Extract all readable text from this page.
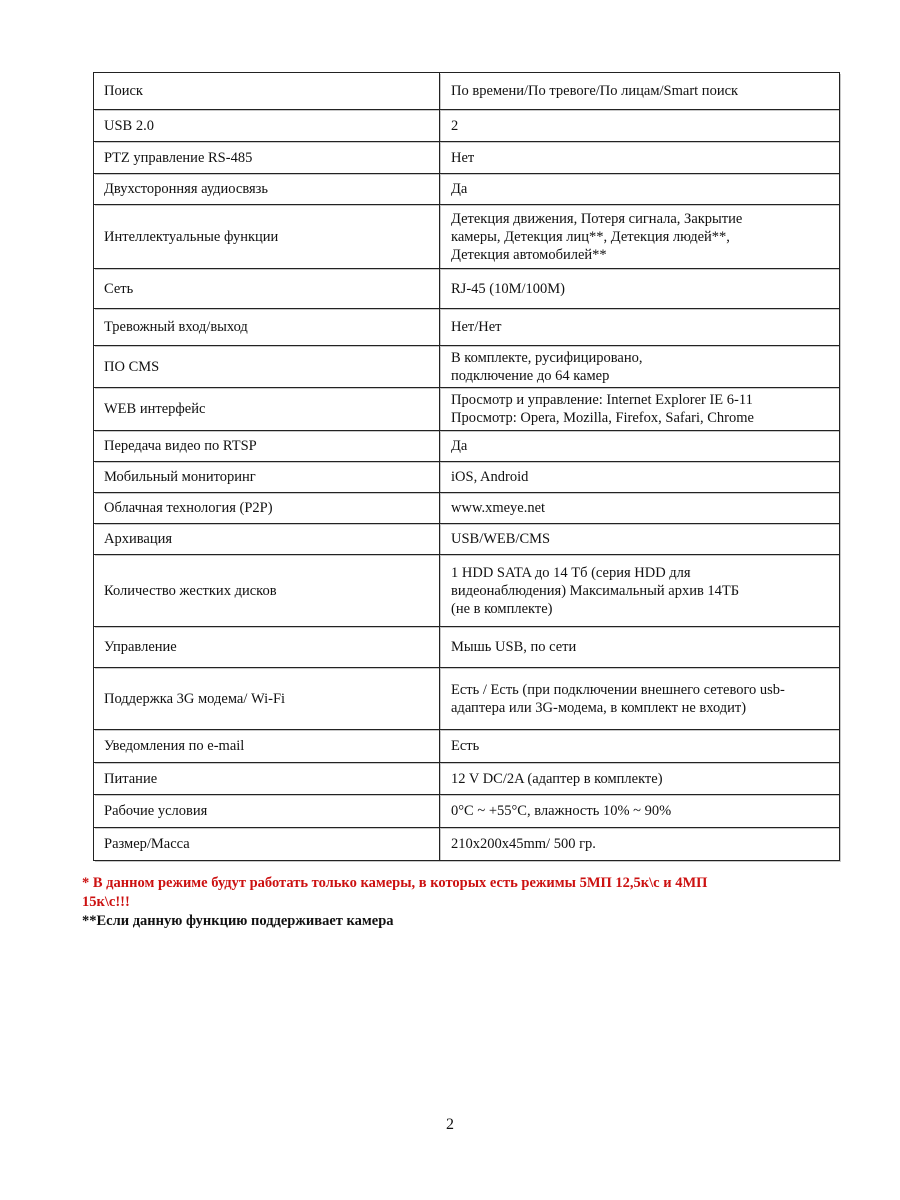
Поиск	По времени/По тревоге/По лицам/Smart поиск

USB 2.0	2

PTZ управление RS-485	Нет

Двухсторонняя аудиосвязь	Да

Интеллектуальные функции	Детекция движения, Потеря сигнала, Закрытие
камеры, Детекция лиц**, Детекция людей**,
Детекция автомобилей**

Сеть	RJ-45 (10M/100M)

Тревожный вход/выход	Нет/Нет

ПО CMS	В комплекте, русифицировано,
подключение до 64 камер

WEB интерфейс	Просмотр и управление: Internet Explorer IE 6-11
Просмотр: Opera, Mozilla, Firefox, Safari, Chrome

Передача видео по RTSP	Да

Мобильный мониторинг	iOS, Android

Облачная технология (P2P)	www.xmeye.net

Архивация	USB/WEB/CMS

Количество жестких дисков	1 HDD SATA до 14 Тб (серия HDD для
видеонаблюдения) Максимальный архив 14ТБ
(не в комплекте)

Управление	Мышь USB, по сети

Поддержка 3G модема/ Wi-Fi	Есть / Есть (при подключении внешнего сетевого usb-
адаптера или 3G-модема, в комплект не входит)

Уведомления по e-mail	Есть

Питание	12 V DC/2A (адаптер в комплекте)

Рабочие условия	0°C ~ +55°C, влажность 10% ~ 90%

Размер/Масса	210х200х45mm/ 500 гр.
* В данном режиме будут работать только камеры, в которых есть режимы 5МП 12,5к\с и 4МП
15к\с!!!
**Если данную функцию поддерживает камера
2
